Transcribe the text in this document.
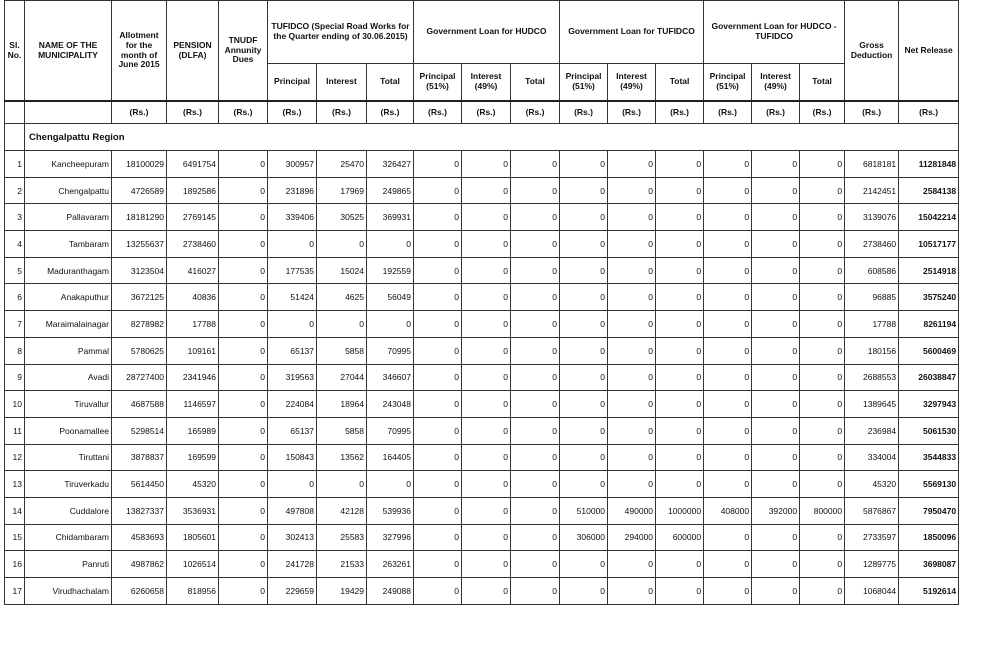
Sl. No.	NAME OF THE MUNICIPALITY	Allotment for the month of June 2015	PENSION (DLFA)	TNUDF Annunity Dues	TUFIDCO (Special Road Works for the Quarter ending of 30.06.2015)			Government Loan for HUDCO			Government Loan for TUFIDCO			Government Loan for HUDCO - TUFIDCO			Gross Deduction	Net Release
					Principal	Interest	Total	Principal (51%)	Interest (49%)	Total	Principal (51%)	Interest (49%)	Total	Principal (51%)	Interest (49%)	Total		
		(Rs.)	(Rs.)	(Rs.)	(Rs.)	(Rs.)	(Rs.)	(Rs.)	(Rs.)	(Rs.)	(Rs.)	(Rs.)	(Rs.)	(Rs.)	(Rs.)	(Rs.)	(Rs.)	(Rs.)
	Chengalpattu Region																	
1	Kancheepuram	18100029	6491754	0	300957	25470	326427	0	0	0	0	0	0	0	0	0	6818181	11281848
2	Chengalpattu	4726589	1892586	0	231896	17969	249865	0	0	0	0	0	0	0	0	0	2142451	2584138
3	Pallavaram	18181290	2769145	0	339406	30525	369931	0	0	0	0	0	0	0	0	0	3139076	15042214
4	Tambaram	13255637	2738460	0	0	0	0	0	0	0	0	0	0	0	0	0	2738460	10517177
5	Maduranthagam	3123504	416027	0	177535	15024	192559	0	0	0	0	0	0	0	0	0	608586	2514918
6	Anakaputhur	3672125	40836	0	51424	4625	56049	0	0	0	0	0	0	0	0	0	96885	3575240
7	Maraimalainagar	8278982	17788	0	0	0	0	0	0	0	0	0	0	0	0	0	17788	8261194
8	Pammal	5780625	109161	0	65137	5858	70995	0	0	0	0	0	0	0	0	0	180156	5600469
9	Avadi	28727400	2341946	0	319563	27044	346607	0	0	0	0	0	0	0	0	0	2688553	26038847
10	Tiruvallur	4687588	1146597	0	224084	18964	243048	0	0	0	0	0	0	0	0	0	1389645	3297943
11	Poonamallee	5298514	165989	0	65137	5858	70995	0	0	0	0	0	0	0	0	0	236984	5061530
12	Tiruttani	3878837	169599	0	150843	13562	164405	0	0	0	0	0	0	0	0	0	334004	3544833
13	Tiruverkadu	5614450	45320	0	0	0	0	0	0	0	0	0	0	0	0	0	45320	5569130
14	Cuddalore	13827337	3536931	0	497808	42128	539936	0	0	0	510000	490000	1000000	408000	392000	800000	5876867	7950470
15	Chidambaram	4583693	1805601	0	302413	25583	327996	0	0	0	306000	294000	600000	0	0	0	2733597	1850096
16	Panruti	4987862	1026514	0	241728	21533	263261	0	0	0	0	0	0	0	0	0	1289775	3698087
17	Virudhachalam	6260658	818956	0	229659	19429	249088	0	0	0	0	0	0	0	0	0	1068044	5192614
